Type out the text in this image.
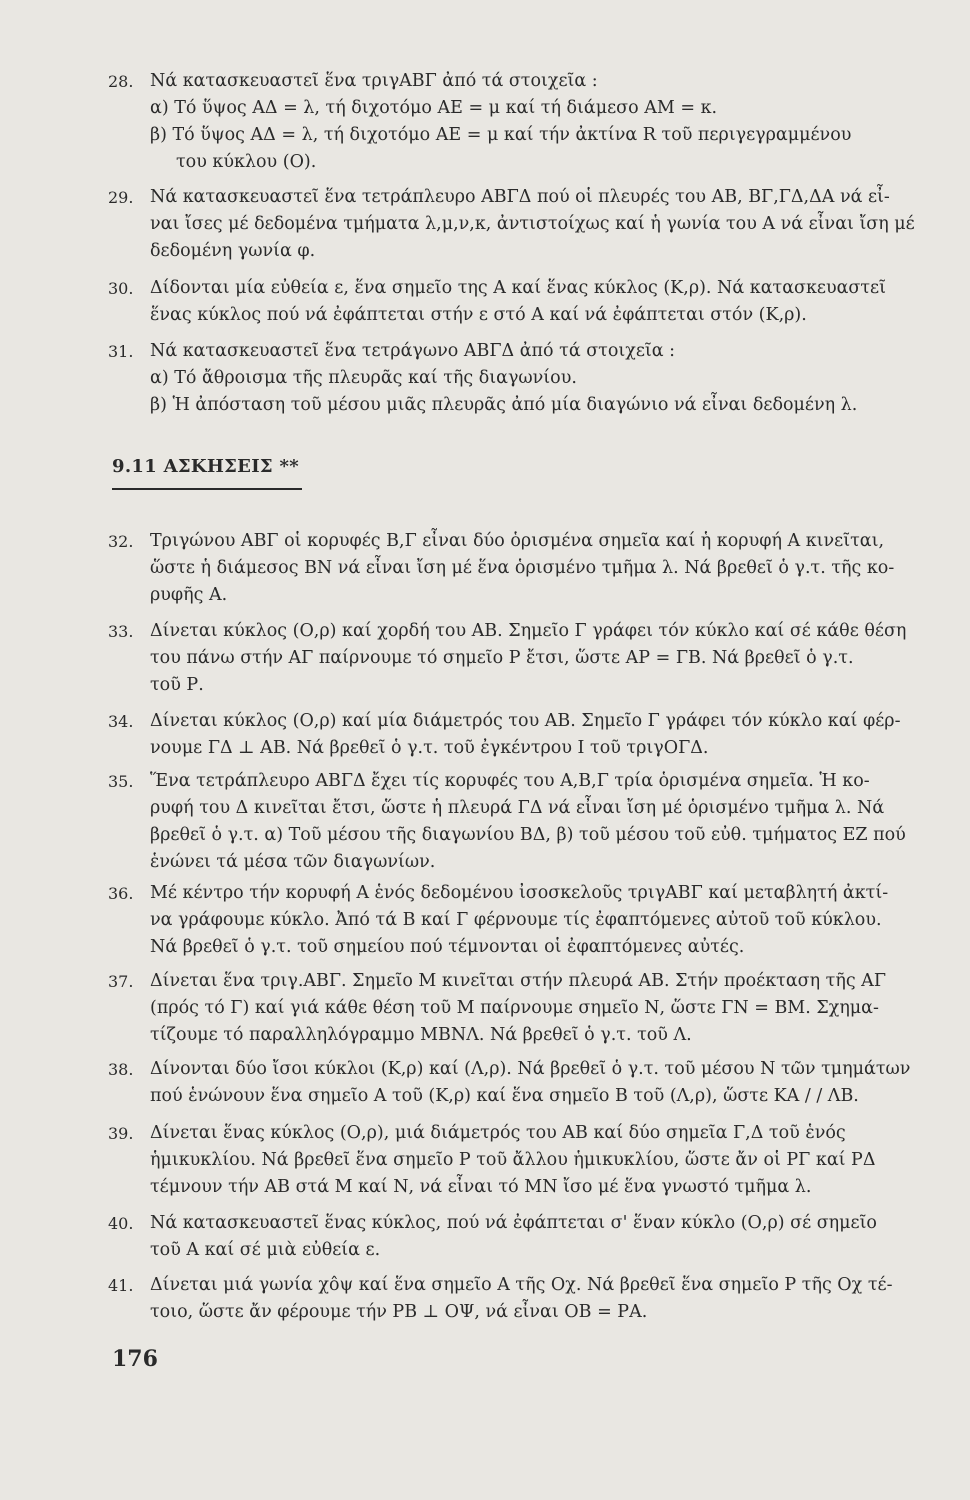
28. Νά κατασκευαστεῖ ἕνα τριγΑΒΓ ἀπό τά στοιχεῖα :
α) Τό ὕψος ΑΔ = λ, τή διχοτόμο ΑΕ = μ καί τή διάμεσο ΑΜ = κ.
β) Τό ὕψος ΑΔ = λ, τή διχοτόμο ΑΕ = μ καί τήν ἀκτίνα R τοῦ περιγεγραμμένου
του κύκλου (Ο).
29. Νά κατασκευαστεῖ ἕνα τετράπλευρο ΑΒΓΔ πού οἱ πλευρές του ΑΒ, ΒΓ,ΓΔ,ΔΑ νά εἶ-
ναι ἴσες μέ δεδομένα τμήματα λ,μ,ν,κ, ἀντιστοίχως καί ἡ γωνία του Α νά εἶναι ἴση μέ
δεδομένη γωνία φ.
30. Δίδονται μία εὐθεία ε, ἕνα σημεῖο της Α καί ἕνας κύκλος (Κ,ρ). Νά κατασκευαστεῖ
ἕνας κύκλος πού νά ἐφάπτεται στήν ε στό Α καί νά ἐφάπτεται στόν (Κ,ρ).
31. Νά κατασκευαστεῖ ἕνα τετράγωνο ΑΒΓΔ ἀπό τά στοιχεῖα :
α) Τό ἄθροισμα τῆς πλευρᾶς καί τῆς διαγωνίου.
β) Ἡ ἀπόσταση τοῦ μέσου μιᾶς πλευρᾶς ἀπό μία διαγώνιο νά εἶναι δεδομένη λ.
9.11 ΑΣΚΗΣΕΙΣ **
32. Τριγώνου ΑΒΓ οἱ κορυφές Β,Γ εἶναι δύο ὁρισμένα σημεῖα καί ἡ κορυφή Α κινεῖται,
ὥστε ἡ διάμεσος ΒΝ νά εἶναι ἴση μέ ἕνα ὁρισμένο τμῆμα λ. Νά βρεθεῖ ὁ γ.τ. τῆς κο-
ρυφῆς Α.
33. Δίνεται κύκλος (Ο,ρ) καί χορδή του ΑΒ. Σημεῖο Γ γράφει τόν κύκλο καί σέ κάθε θέση
του πάνω στήν ΑΓ παίρνουμε τό σημεῖο Ρ ἔτσι, ὥστε ΑΡ = ΓΒ. Νά βρεθεῖ ὁ γ.τ.
τοῦ Ρ.
34. Δίνεται κύκλος (Ο,ρ) καί μία διάμετρός του ΑΒ. Σημεῖο Γ γράφει τόν κύκλο καί φέρ-
νουμε ΓΔ ⊥ ΑΒ. Νά βρεθεῖ ὁ γ.τ. τοῦ ἐγκέντρου Ι τοῦ τριγΟΓΔ.
35. Ἕνα τετράπλευρο ΑΒΓΔ ἔχει τίς κορυφές του Α,Β,Γ τρία ὁρισμένα σημεῖα. Ἡ κο-
ρυφή του Δ κινεῖται ἔτσι, ὥστε ἡ πλευρά ΓΔ νά εἶναι ἴση μέ ὁρισμένο τμῆμα λ. Νά
βρεθεῖ ὁ γ.τ. α) Τοῦ μέσου τῆς διαγωνίου ΒΔ, β) τοῦ μέσου τοῦ εὐθ. τμήματος ΕΖ πού
ἑνώνει τά μέσα τῶν διαγωνίων.
36. Μέ κέντρο τήν κορυφή Α ἑνός δεδομένου ἰσοσκελοῦς τριγΑΒΓ καί μεταβλητή ἀκτί-
να γράφουμε κύκλο. Ἀπό τά Β καί Γ φέρνουμε τίς ἐφαπτόμενες αὐτοῦ τοῦ κύκλου.
Νά βρεθεῖ ὁ γ.τ. τοῦ σημείου πού τέμνονται οἱ ἐφαπτόμενες αὐτές.
37. Δίνεται ἕνα τριγ.ΑΒΓ. Σημεῖο Μ κινεῖται στήν πλευρά ΑΒ. Στήν προέκταση τῆς ΑΓ
(πρός τό Γ) καί γιά κάθε θέση τοῦ Μ παίρνουμε σημεῖο Ν, ὥστε ΓΝ = ΒΜ. Σχημα-
τίζουμε τό παραλληλόγραμμο ΜΒΝΛ. Νά βρεθεῖ ὁ γ.τ. τοῦ Λ.
38. Δίνονται δύο ἴσοι κύκλοι (Κ,ρ) καί (Λ,ρ). Νά βρεθεῖ ὁ γ.τ. τοῦ μέσου Ν τῶν τμημάτων
πού ἑνώνουν ἕνα σημεῖο Α τοῦ (Κ,ρ) καί ἕνα σημεῖο Β τοῦ (Λ,ρ), ὥστε ΚΑ / / ΛΒ.
39. Δίνεται ἕνας κύκλος (Ο,ρ), μιά διάμετρός του ΑΒ καί δύο σημεῖα Γ,Δ τοῦ ἑνός
ἡμικυκλίου. Νά βρεθεῖ ἕνα σημεῖο Ρ τοῦ ἄλλου ἡμικυκλίου, ὥστε ἄν οἱ ΡΓ καί ΡΔ
τέμνουν τήν ΑΒ στά Μ καί Ν, νά εἶναι τό ΜΝ ἴσο μέ ἕνα γνωστό τμῆμα λ.
40. Νά κατασκευαστεῖ ἕνας κύκλος, πού νά ἐφάπτεται σ' ἕναν κύκλο (Ο,ρ) σέ σημεῖο
τοῦ Α καί σέ μιὰ εὐθεία ε.
41. Δίνεται μιά γωνία χôψ καί ἕνα σημεῖο Α τῆς Οχ. Νά βρεθεῖ ἕνα σημεῖο Ρ τῆς Οχ τέ-
τοιο, ὥστε ἄν φέρουμε τήν ΡΒ ⊥ ΟΨ, νά εἶναι ΟΒ = ΡΑ.
176
